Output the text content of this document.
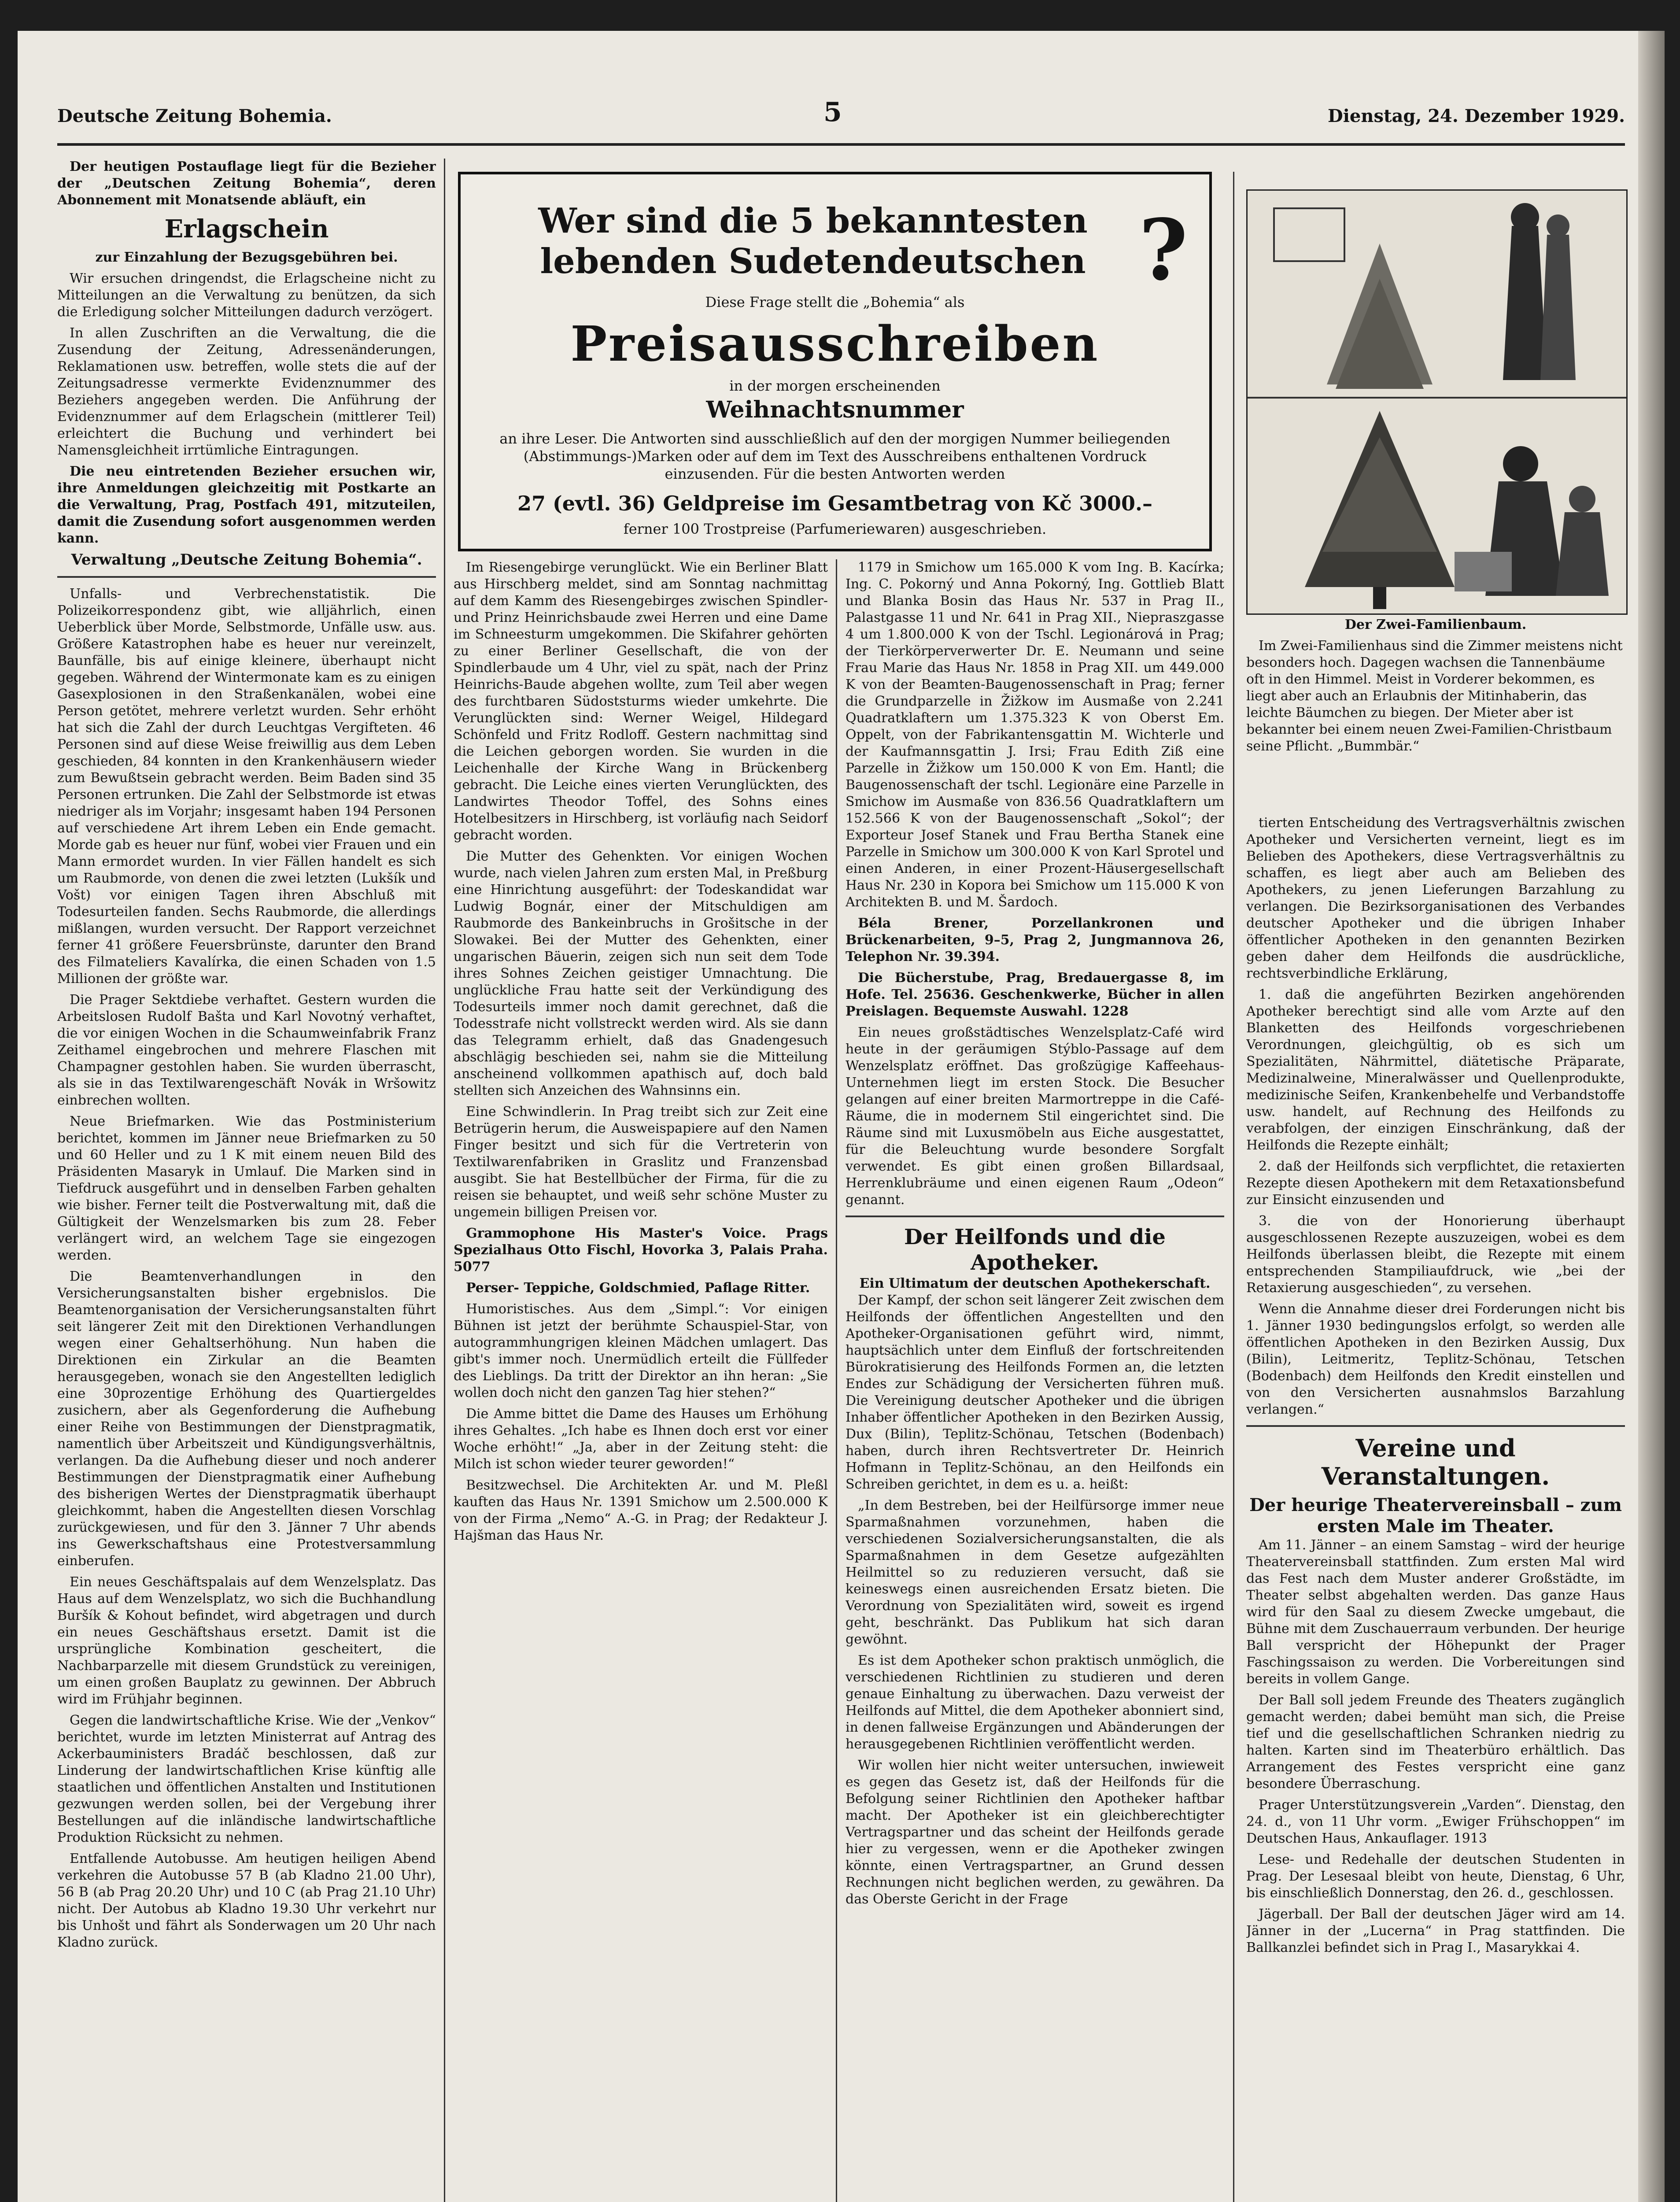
Deutsche Zeitung Bohemia.	5	Dienstag, 24. Dezember 1929.

Der heutigen Postauflage liegt für die Bezieher der „Deutschen Zeitung Bohemia“, deren Abonnement mit Monatsende abläuft, ein

Erlagschein

zur Einzahlung der Bezugsgebühren bei.

Wir ersuchen dringendst, die Erlagscheine nicht zu Mitteilungen an die Verwaltung zu benützen, da sich die Erledigung solcher Mitteilungen dadurch verzögert.

In allen Zuschriften an die Verwaltung, die die Zusendung der Zeitung, Adressenänderungen, Reklamationen usw. betreffen, wolle stets die auf der Zeitungsadresse vermerkte Evidenznummer des Beziehers angegeben werden. Die Anführung der Evidenznummer auf dem Erlagschein (mittlerer Teil) erleichtert die Buchung und verhindert bei Namensgleichheit irrtümliche Eintragungen.

Die neu eintretenden Bezieher ersuchen wir, ihre Anmeldungen gleichzeitig mit Postkarte an die Verwaltung, Prag, Postfach 491, mitzuteilen, damit die Zusendung sofort ausgenommen werden kann.

Verwaltung „Deutsche Zeitung Bohemia“.

Unfalls- und Verbrechenstatistik. Die Polizeikorrespondenz gibt, wie alljährlich, einen Ueberblick über Morde, Selbstmorde, Unfälle usw. aus. Größere Katastrophen habe es heuer nur vereinzelt, Baunfälle, bis auf einige kleinere, überhaupt nicht gegeben. Während der Wintermonate kam es zu einigen Gasexplosionen in den Straßenkanälen, wobei eine Person getötet, mehrere verletzt wurden. Sehr erhöht hat sich die Zahl der durch Leuchtgas Vergifteten. 46 Personen sind auf diese Weise freiwillig aus dem Leben geschieden, 84 konnten in den Krankenhäusern wieder zum Bewußtsein gebracht werden. Beim Baden sind 35 Personen ertrunken. Die Zahl der Selbstmorde ist etwas niedriger als im Vorjahr; insgesamt haben 194 Personen auf verschiedene Art ihrem Leben ein Ende gemacht. Morde gab es heuer nur fünf, wobei vier Frauen und ein Mann ermordet wurden. In vier Fällen handelt es sich um Raubmorde, von denen die zwei letzten (Lukšík und Vošt) vor einigen Tagen ihren Abschluß mit Todesurteilen fanden. Sechs Raubmorde, die allerdings mißlangen, wurden versucht. Der Rapport verzeichnet ferner 41 größere Feuersbrünste, darunter den Brand des Filmateliers Kavalírka, die einen Schaden von 1.5 Millionen der größte war.

Die Prager Sektdiebe verhaftet. Gestern wurden die Arbeitslosen Rudolf Bašta und Karl Novotný verhaftet, die vor einigen Wochen in die Schaumweinfabrik Franz Zeithamel eingebrochen und mehrere Flaschen mit Champagner gestohlen haben. Sie wurden überrascht, als sie in das Textilwarengeschäft Novák in Wršowitz einbrechen wollten.

Neue Briefmarken. Wie das Postministerium berichtet, kommen im Jänner neue Briefmarken zu 50 und 60 Heller und zu 1 K mit einem neuen Bild des Präsidenten Masaryk in Umlauf. Die Marken sind in Tiefdruck ausgeführt und in denselben Farben gehalten wie bisher. Ferner teilt die Postverwaltung mit, daß die Gültigkeit der Wenzelsmarken bis zum 28. Feber verlängert wird, an welchem Tage sie eingezogen werden.

Die Beamtenverhandlungen in den Versicherungsanstalten bisher ergebnislos. Die Beamtenorganisation der Versicherungsanstalten führt seit längerer Zeit mit den Direktionen Verhandlungen wegen einer Gehaltserhöhung. Nun haben die Direktionen ein Zirkular an die Beamten herausgegeben, wonach sie den Angestellten lediglich eine 30prozentige Erhöhung des Quartiergeldes zusichern, aber als Gegenforderung die Aufhebung einer Reihe von Bestimmungen der Dienstpragmatik, namentlich über Arbeitszeit und Kündigungsverhältnis, verlangen. Da die Aufhebung dieser und noch anderer Bestimmungen der Dienstpragmatik einer Aufhebung des bisherigen Wertes der Dienstpragmatik überhaupt gleichkommt, haben die Angestellten diesen Vorschlag zurückgewiesen, und für den 3. Jänner 7 Uhr abends ins Gewerkschaftshaus eine Protestversammlung einberufen.

Ein neues Geschäftspalais auf dem Wenzelsplatz. Das Haus auf dem Wenzelsplatz, wo sich die Buchhandlung Buršík & Kohout befindet, wird abgetragen und durch ein neues Geschäftshaus ersetzt. Damit ist die ursprüngliche Kombination gescheitert, die Nachbarparzelle mit diesem Grundstück zu vereinigen, um einen großen Bauplatz zu gewinnen. Der Abbruch wird im Frühjahr beginnen.

Gegen die landwirtschaftliche Krise. Wie der „Venkov“ berichtet, wurde im letzten Ministerrat auf Antrag des Ackerbauministers Bradáč beschlossen, daß zur Linderung der landwirtschaftlichen Krise künftig alle staatlichen und öffentlichen Anstalten und Institutionen gezwungen werden sollen, bei der Vergebung ihrer Bestellungen auf die inländische landwirtschaftliche Produktion Rücksicht zu nehmen.

Entfallende Autobusse. Am heutigen heiligen Abend verkehren die Autobusse 57 B (ab Kladno 21.00 Uhr), 56 B (ab Prag 20.20 Uhr) und 10 C (ab Prag 21.10 Uhr) nicht. Der Autobus ab Kladno 19.30 Uhr verkehrt nur bis Unhošt und fährt als Sonderwagen um 20 Uhr nach Kladno zurück.

Wer sind die 5 bekanntesten lebenden Sudetendeutschen ?
Diese Frage stellt die „Bohemia“ als
Preisausschreiben
in der morgen erscheinenden
Weihnachtsnummer
an ihre Leser. Die Antworten sind ausschließlich auf den der morgigen Nummer beiliegenden (Abstimmungs-)Marken oder auf dem im Text des Ausschreibens enthaltenen Vordruck einzusenden. Für die besten Antworten werden
27 (evtl. 36) Geldpreise im Gesamtbetrag von Kč 3000.–
ferner 100 Trostpreise (Parfumeriewaren) ausgeschrieben.

Im Riesengebirge verunglückt. Wie ein Berliner Blatt aus Hirschberg meldet, sind am Sonntag nachmittag auf dem Kamm des Riesengebirges zwischen Spindler- und Prinz Heinrichsbaude zwei Herren und eine Dame im Schneesturm umgekommen. Die Skifahrer gehörten zu einer Berliner Gesellschaft, die von der Spindlerbaude um 4 Uhr, viel zu spät, nach der Prinz Heinrichs-Baude abgehen wollte, zum Teil aber wegen des furchtbaren Südoststurms wieder umkehrte. Die Verunglückten sind: Werner Weigel, Hildegard Schönfeld und Fritz Rodloff. Gestern nachmittag sind die Leichen geborgen worden. Sie wurden in die Leichenhalle der Kirche Wang in Brückenberg gebracht. Die Leiche eines vierten Verunglückten, des Landwirtes Theodor Toffel, des Sohns eines Hotelbesitzers in Hirschberg, ist vorläufig nach Seidorf gebracht worden.

Die Mutter des Gehenkten. Vor einigen Wochen wurde, nach vielen Jahren zum ersten Mal, in Preßburg eine Hinrichtung ausgeführt: der Todeskandidat war Ludwig Bognár, einer der Mitschuldigen am Raubmorde des Bankeinbruchs in Grošitsche in der Slowakei. Bei der Mutter des Gehenkten, einer ungarischen Bäuerin, zeigen sich nun seit dem Tode ihres Sohnes Zeichen geistiger Umnachtung. Die unglückliche Frau hatte seit der Verkündigung des Todesurteils immer noch damit gerechnet, daß die Todesstrafe nicht vollstreckt werden wird. Als sie dann das Telegramm erhielt, daß das Gnadengesuch abschlägig beschieden sei, nahm sie die Mitteilung anscheinend vollkommen apathisch auf, doch bald stellten sich Anzeichen des Wahnsinns ein.

Eine Schwindlerin. In Prag treibt sich zur Zeit eine Betrügerin herum, die Ausweispapiere auf den Namen Finger besitzt und sich für die Vertreterin von Textilwarenfabriken in Graslitz und Franzensbad ausgibt. Sie hat Bestellbücher der Firma, für die zu reisen sie behauptet, und weiß sehr schöne Muster zu ungemein billigen Preisen vor.

Grammophone His Master's Voice. Prags Spezialhaus Otto Fischl, Hovorka 3, Palais Praha. 5077

Perser- Teppiche, Goldschmied, Paflage Ritter.

Humoristisches. Aus dem „Simpl.“: Vor einigen Bühnen ist jetzt der berühmte Schauspiel-Star, von autogrammhungrigen kleinen Mädchen umlagert. Das gibt's immer noch. Unermüdlich erteilt die Füllfeder des Lieblings. Da tritt der Direktor an ihn heran: „Sie wollen doch nicht den ganzen Tag hier stehen?“

Die Amme bittet die Dame des Hauses um Erhöhung ihres Gehaltes. „Ich habe es Ihnen doch erst vor einer Woche erhöht!“ „Ja, aber in der Zeitung steht: die Milch ist schon wieder teurer geworden!“

Besitzwechsel. Die Architekten Ar. und M. Pleßl kauften das Haus Nr. 1391 Smichow um 2.500.000 K von der Firma „Nemo“ A.-G. in Prag; der Redakteur J. Hajšman das Haus Nr.

1179 in Smichow um 165.000 K vom Ing. B. Kacírka; Ing. C. Pokorný und Anna Pokorný, Ing. Gottlieb Blatt und Blanka Bosin das Haus Nr. 537 in Prag II., Palastgasse 11 und Nr. 641 in Prag XII., Niepraszgasse 4 um 1.800.000 K von der Tschl. Legionárová in Prag; der Tierkörperverwerter Dr. E. Neumann und seine Frau Marie das Haus Nr. 1858 in Prag XII. um 449.000 K von der Beamten-Baugenossenschaft in Prag; ferner die Grundparzelle in Žižkow im Ausmaße von 2.241 Quadratklaftern um 1.375.323 K von Oberst Em. Oppelt, von der Fabrikantensgattin M. Wichterle und der Kaufmannsgattin J. Irsi; Frau Edith Ziß eine Parzelle in Žižkow um 150.000 K von Em. Hantl; die Baugenossenschaft der tschl. Legionäre eine Parzelle in Smichow im Ausmaße von 836.56 Quadratklaftern um 152.566 K von der Baugenossenschaft „Sokol“; der Exporteur Josef Stanek und Frau Bertha Stanek eine Parzelle in Smichow um 300.000 K von Karl Sprotel und einen Anderen, in einer Prozent-Häusergesellschaft Haus Nr. 230 in Kopora bei Smichow um 115.000 K von Architekten B. und M. Šardoch.

Béla Brener, Porzellankronen und Brückenarbeiten, 9–5, Prag 2, Jungmannova 26, Telephon Nr. 39.394.

Die Bücherstube, Prag, Bredauergasse 8, im Hofe. Tel. 25636. Geschenkwerke, Bücher in allen Preislagen. Bequemste Auswahl. 1228

Ein neues großstädtisches Wenzelsplatz-Café wird heute in der geräumigen Stýblo-Passage auf dem Wenzelsplatz eröffnet. Das großzügige Kaffeehaus-Unternehmen liegt im ersten Stock. Die Besucher gelangen auf einer breiten Marmortreppe in die Café-Räume, die in modernem Stil eingerichtet sind. Die Räume sind mit Luxusmöbeln aus Eiche ausgestattet, für die Beleuchtung wurde besondere Sorgfalt verwendet. Es gibt einen großen Billardsaal, Herrenklubräume und einen eigenen Raum „Odeon“ genannt.

Der Heilfonds und die Apotheker.
Ein Ultimatum der deutschen Apothekerschaft.

Der Kampf, der schon seit längerer Zeit zwischen dem Heilfonds der öffentlichen Angestellten und den Apotheker-Organisationen geführt wird, nimmt, hauptsächlich unter dem Einfluß der fortschreitenden Bürokratisierung des Heilfonds Formen an, die letzten Endes zur Schädigung der Versicherten führen muß. Die Vereinigung deutscher Apotheker und die übrigen Inhaber öffentlicher Apotheken in den Bezirken Aussig, Dux (Bilin), Teplitz-Schönau, Tetschen (Bodenbach) haben, durch ihren Rechtsvertreter Dr. Heinrich Hofmann in Teplitz-Schönau, an den Heilfonds ein Schreiben gerichtet, in dem es u. a. heißt:

„In dem Bestreben, bei der Heilfürsorge immer neue Sparmaßnahmen vorzunehmen, haben die verschiedenen Sozialversicherungsanstalten, die als Sparmaßnahmen in dem Gesetze aufgezählten Heilmittel so zu reduzieren versucht, daß sie keineswegs einen ausreichenden Ersatz bieten. Die Verordnung von Spezialitäten wird, soweit es irgend geht, beschränkt. Das Publikum hat sich daran gewöhnt.

Es ist dem Apotheker schon praktisch unmöglich, die verschiedenen Richtlinien zu studieren und deren genaue Einhaltung zu überwachen. Dazu verweist der Heilfonds auf Mittel, die dem Apotheker abonniert sind, in denen fallweise Ergänzungen und Abänderungen der herausgegebenen Richtlinien veröffentlicht werden.

Wir wollen hier nicht weiter untersuchen, inwieweit es gegen das Gesetz ist, daß der Heilfonds für die Befolgung seiner Richtlinien den Apotheker haftbar macht. Der Apotheker ist ein gleichberechtigter Vertragspartner und das scheint der Heilfonds gerade hier zu vergessen, wenn er die Apotheker zwingen könnte, einen Vertragspartner, an Grund dessen Rechnungen nicht beglichen werden, zu gewähren. Da das Oberste Gericht in der Frage

Der Zwei-Familienbaum.

Im Zwei-Familienhaus sind die Zimmer meistens nicht besonders hoch. Dagegen wachsen die Tannenbäume oft in den Himmel. Meist in Vorderer bekommen, es liegt aber auch an Erlaubnis der Mitinhaberin, das leichte Bäumchen zu biegen. Der Mieter aber ist bekannter bei einem neuen Zwei-Familien-Christbaum seine Pflicht. „Bummbär.“

tierten Entscheidung des Vertragsverhältnis zwischen Apotheker und Versicherten verneint, liegt es im Belieben des Apothekers, diese Vertragsverhältnis zu schaffen, es liegt aber auch am Belieben des Apothekers, zu jenen Lieferungen Barzahlung zu verlangen. Die Bezirksorganisationen des Verbandes deutscher Apotheker und die übrigen Inhaber öffentlicher Apotheken in den genannten Bezirken geben daher dem Heilfonds die ausdrückliche, rechtsverbindliche Erklärung,

1. daß die angeführten Bezirken angehörenden Apotheker berechtigt sind alle vom Arzte auf den Blanketten des Heilfonds vorgeschriebenen Verordnungen, gleichgültig, ob es sich um Spezialitäten, Nährmittel, diätetische Präparate, Medizinalweine, Mineralwässer und Quellenprodukte, medizinische Seifen, Krankenbehelfe und Verbandstoffe usw. handelt, auf Rechnung des Heilfonds zu verabfolgen, der einzigen Einschränkung, daß der Heilfonds die Rezepte einhält;

2. daß der Heilfonds sich verpflichtet, die retaxierten Rezepte diesen Apothekern mit dem Retaxationsbefund zur Einsicht einzusenden und

3. die von der Honorierung überhaupt ausgeschlossenen Rezepte auszuzeigen, wobei es dem Heilfonds überlassen bleibt, die Rezepte mit einem entsprechenden Stampiliaufdruck, wie „bei der Retaxierung ausgeschieden“, zu versehen.

Wenn die Annahme dieser drei Forderungen nicht bis 1. Jänner 1930 bedingungslos erfolgt, so werden alle öffentlichen Apotheken in den Bezirken Aussig, Dux (Bilin), Leitmeritz, Teplitz-Schönau, Tetschen (Bodenbach) dem Heilfonds den Kredit einstellen und von den Versicherten ausnahmslos Barzahlung verlangen.“

Vereine und Veranstaltungen.
Der heurige Theatervereinsball – zum ersten Male im Theater.

Am 11. Jänner – an einem Samstag – wird der heurige Theatervereinsball stattfinden. Zum ersten Mal wird das Fest nach dem Muster anderer Großstädte, im Theater selbst abgehalten werden. Das ganze Haus wird für den Saal zu diesem Zwecke umgebaut, die Bühne mit dem Zuschauerraum verbunden. Der heurige Ball verspricht der Höhepunkt der Prager Faschingssaison zu werden. Die Vorbereitungen sind bereits in vollem Gange.

Der Ball soll jedem Freunde des Theaters zugänglich gemacht werden; dabei bemüht man sich, die Preise tief und die gesellschaftlichen Schranken niedrig zu halten. Karten sind im Theaterbüro erhältlich. Das Arrangement des Festes verspricht eine ganz besondere Überraschung.

Prager Unterstützungsverein „Varden“. Dienstag, den 24. d., von 11 Uhr vorm. „Ewiger Frühschoppen“ im Deutschen Haus, Ankauflager. 1913

Lese- und Redehalle der deutschen Studenten in Prag. Der Lesesaal bleibt von heute, Dienstag, 6 Uhr, bis einschließlich Donnerstag, den 26. d., geschlossen.

Jägerball. Der Ball der deutschen Jäger wird am 14. Jänner in der „Lucerna“ in Prag stattfinden. Die Ballkanzlei befindet sich in Prag I., Masarykkai 4.
